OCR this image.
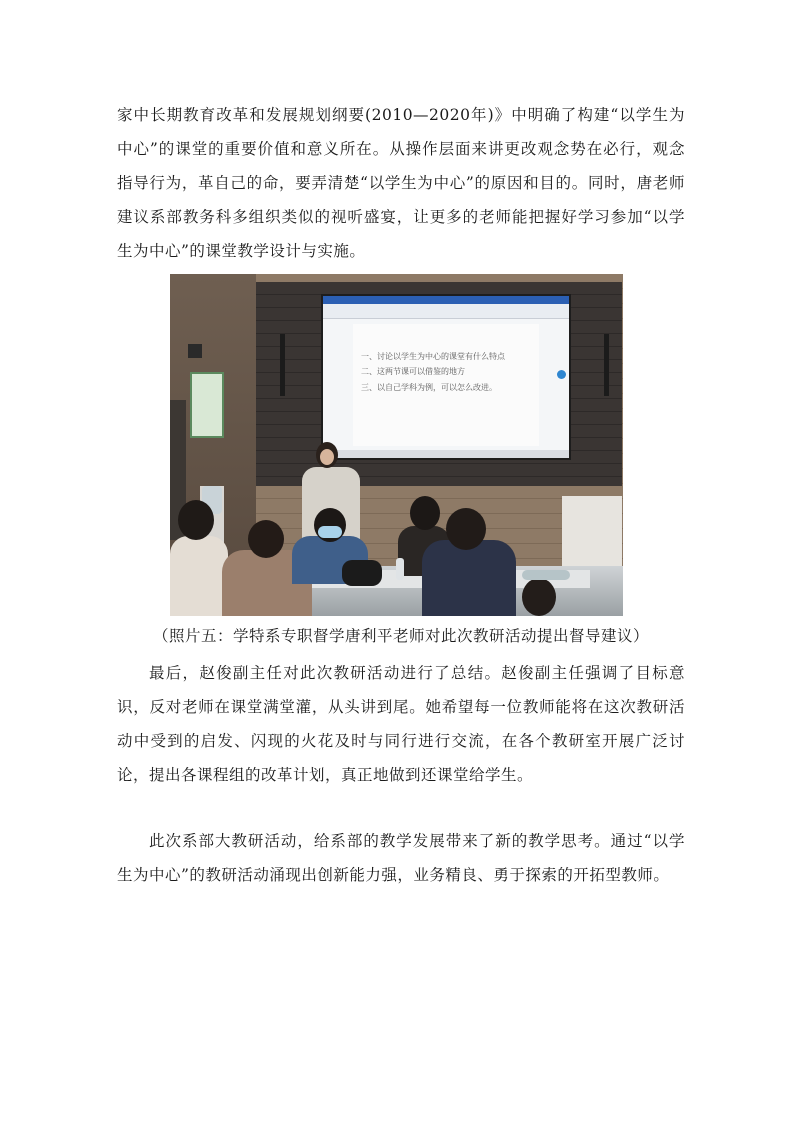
家中长期教育改革和发展规划纲要(2010—2020年)》中明确了构建“以学生为中心”的课堂的重要价值和意义所在。从操作层面来讲更改观念势在必行，观念指导行为，革自己的命，要弄清楚“以学生为中心”的原因和目的。同时，唐老师建议系部教务科多组织类似的视听盛宴，让更多的老师能把握好学习参加“以学生为中心”的课堂教学设计与实施。

一、讨论以学生为中心的课堂有什么特点
二、这两节课可以借鉴的地方
三、以自己学科为例，可以怎么改进。
（照片五：学特系专职督学唐利平老师对此次教研活动提出督导建议）

最后，赵俊副主任对此次教研活动进行了总结。赵俊副主任强调了目标意识，反对老师在课堂满堂灌，从头讲到尾。她希望每一位教师能将在这次教研活动中受到的启发、闪现的火花及时与同行进行交流，在各个教研室开展广泛讨论，提出各课程组的改革计划，真正地做到还课堂给学生。

此次系部大教研活动，给系部的教学发展带来了新的教学思考。通过“以学生为中心”的教研活动涌现出创新能力强，业务精良、勇于探索的开拓型教师。
